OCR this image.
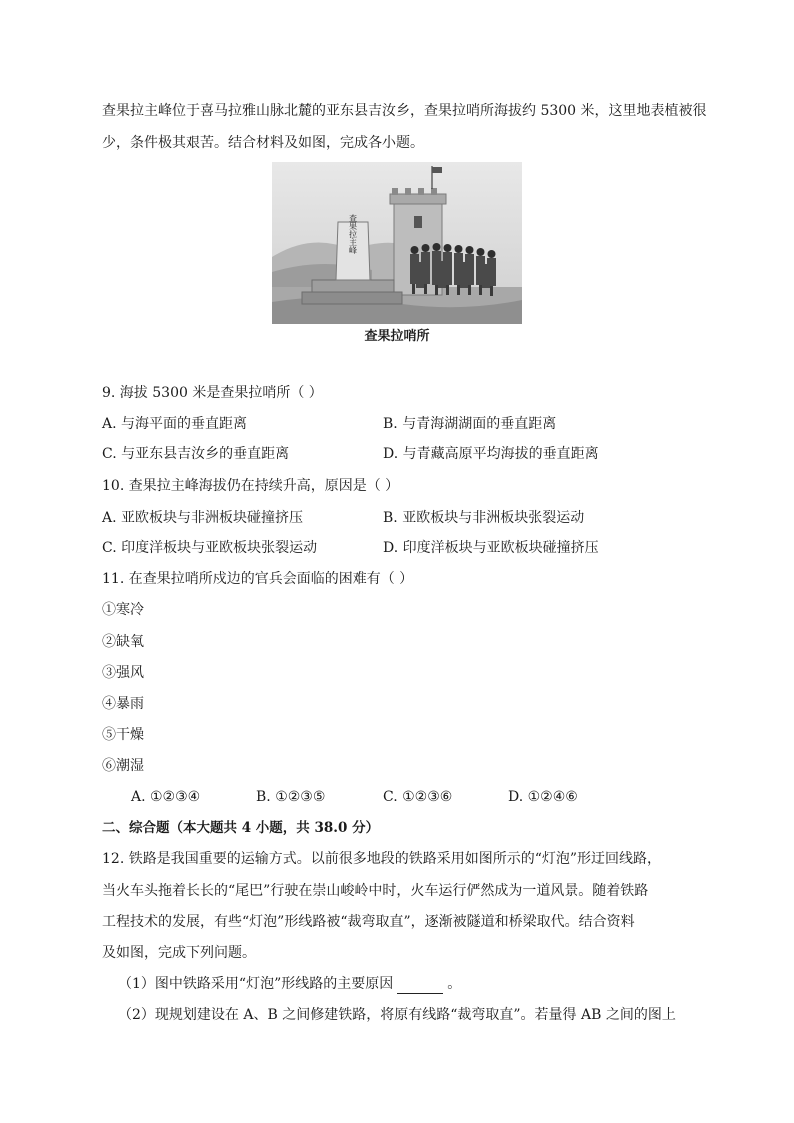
查果拉主峰位于喜马拉雅山脉北麓的亚东县吉汝乡，查果拉哨所海拔约 5300 米，这里地表植被很
少，条件极其艰苦。结合材料及如图，完成各小题。
查果拉主峰
查果拉哨所
9. 海拔 5300 米是查果拉哨所（ ）
A. 与海平面的垂直距离	B. 与青海湖湖面的垂直距离
C. 与亚东县吉汝乡的垂直距离	D. 与青藏高原平均海拔的垂直距离
10. 查果拉主峰海拔仍在持续升高，原因是（ ）
A. 亚欧板块与非洲板块碰撞挤压	B. 亚欧板块与非洲板块张裂运动
C. 印度洋板块与亚欧板块张裂运动	D. 印度洋板块与亚欧板块碰撞挤压
11. 在查果拉哨所戍边的官兵会面临的困难有（ ）
①寒冷
②缺氧
③强风
④暴雨
⑤干燥
⑥潮湿
A. ①②③④	B. ①②③⑤	C. ①②③⑥	D. ①②④⑥
二、综合题（本大题共 4 小题，共 38.0 分）
12. 铁路是我国重要的运输方式。以前很多地段的铁路采用如图所示的“灯泡”形迂回线路，
当火车头拖着长长的“尾巴”行驶在崇山峻岭中时，火车运行俨然成为一道风景。随着铁路
工程技术的发展，有些“灯泡”形线路被“裁弯取直”，逐渐被隧道和桥梁取代。结合资料
及如图，完成下列问题。
（1）图中铁路采用“灯泡”形线路的主要原因	。
（2）现规划建设在 A、B 之间修建铁路，将原有线路“裁弯取直”。若量得 AB 之间的图上
